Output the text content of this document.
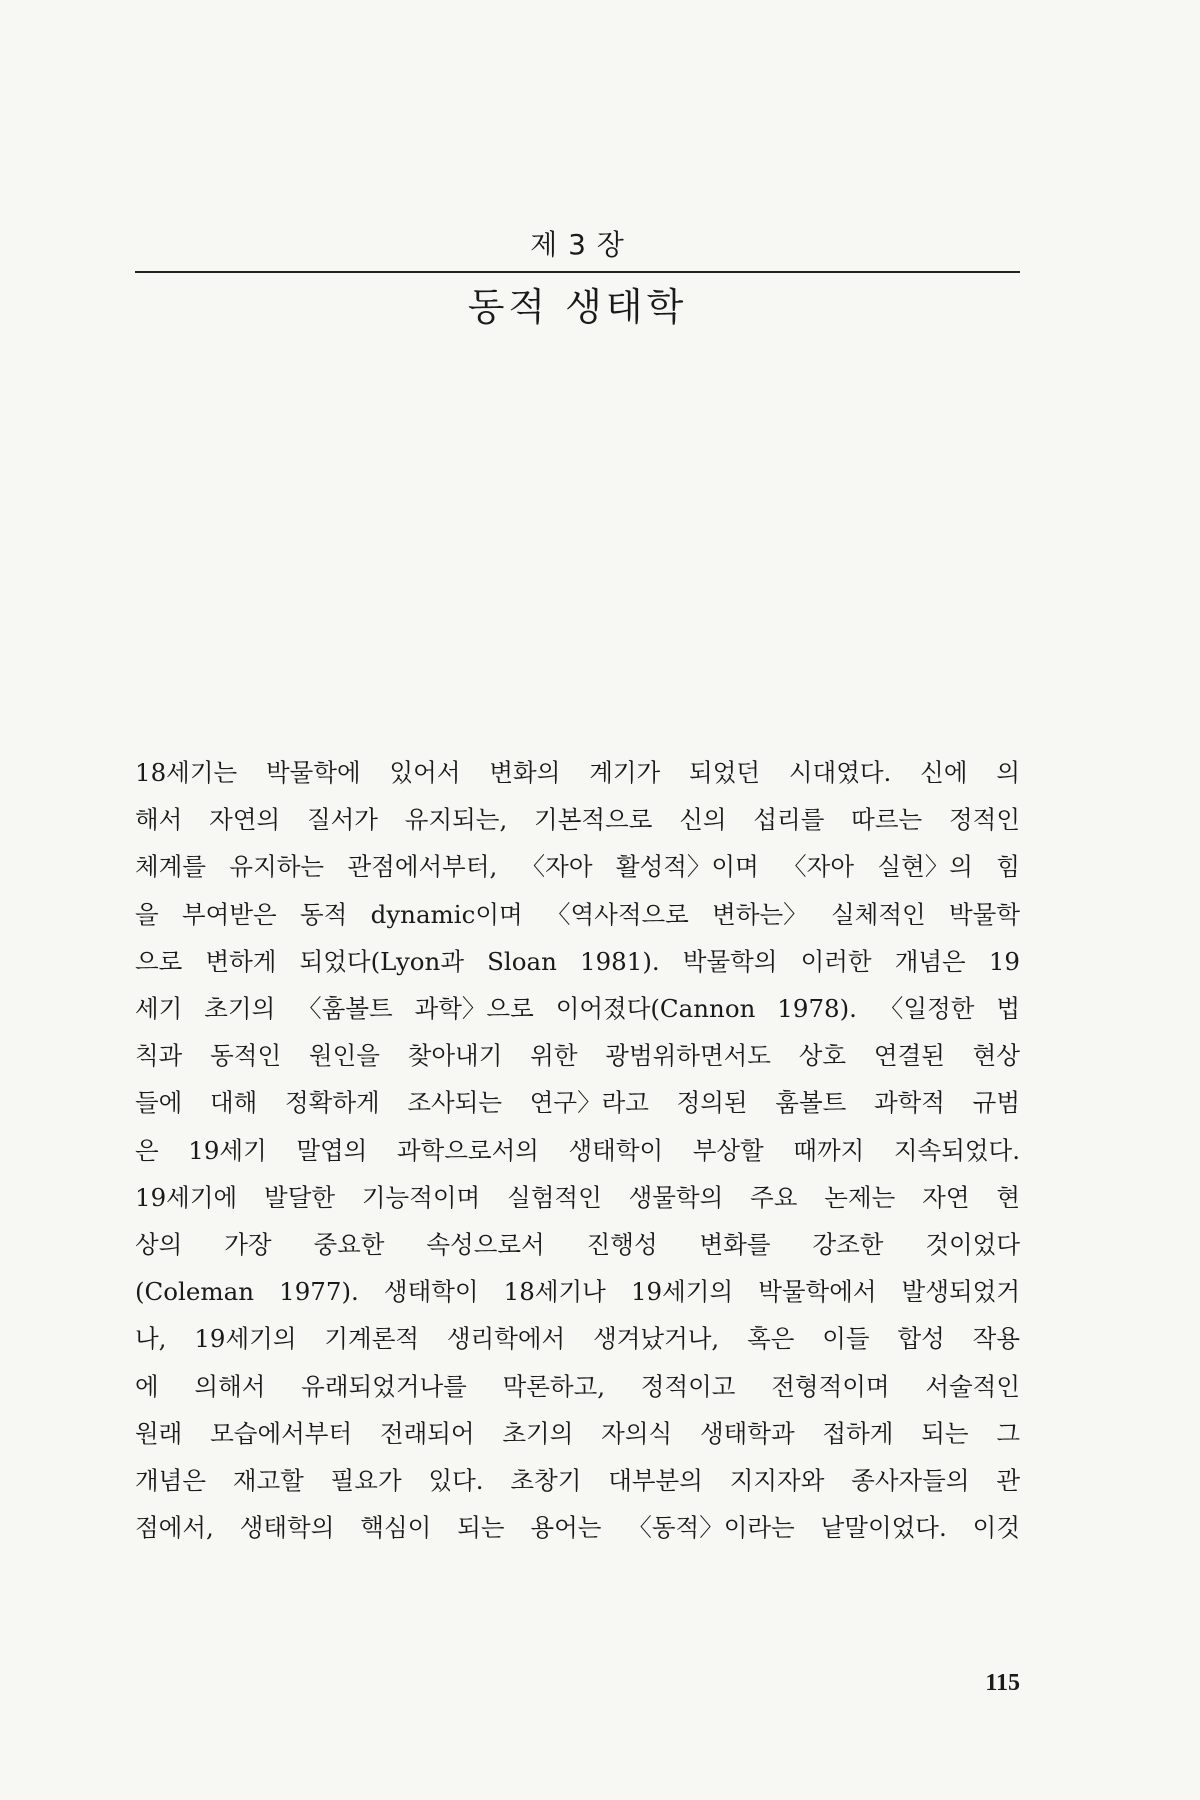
제 3 장
동적 생태학
18세기는 박물학에 있어서 변화의 계기가 되었던 시대였다. 신에 의
해서 자연의 질서가 유지되는, 기본적으로 신의 섭리를 따르는 정적인
체계를 유지하는 관점에서부터, 〈자아 활성적〉이며 〈자아 실현〉의 힘
을 부여받은 동적 dynamic이며 〈역사적으로 변하는〉 실체적인 박물학
으로 변하게 되었다(Lyon과 Sloan 1981). 박물학의 이러한 개념은 19
세기 초기의 〈훔볼트 과학〉으로 이어졌다(Cannon 1978). 〈일정한 법
칙과 동적인 원인을 찾아내기 위한 광범위하면서도 상호 연결된 현상
들에 대해 정확하게 조사되는 연구〉라고 정의된 훔볼트 과학적 규범
은 19세기 말엽의 과학으로서의 생태학이 부상할 때까지 지속되었다.
19세기에 발달한 기능적이며 실험적인 생물학의 주요 논제는 자연 현
상의 가장 중요한 속성으로서 진행성 변화를 강조한 것이었다
(Coleman 1977). 생태학이 18세기나 19세기의 박물학에서 발생되었거
나, 19세기의 기계론적 생리학에서 생겨났거나, 혹은 이들 합성 작용
에 의해서 유래되었거나를 막론하고, 정적이고 전형적이며 서술적인
원래 모습에서부터 전래되어 초기의 자의식 생태학과 접하게 되는 그
개념은 재고할 필요가 있다. 초창기 대부분의 지지자와 종사자들의 관
점에서, 생태학의 핵심이 되는 용어는 〈동적〉이라는 낱말이었다. 이것
115
